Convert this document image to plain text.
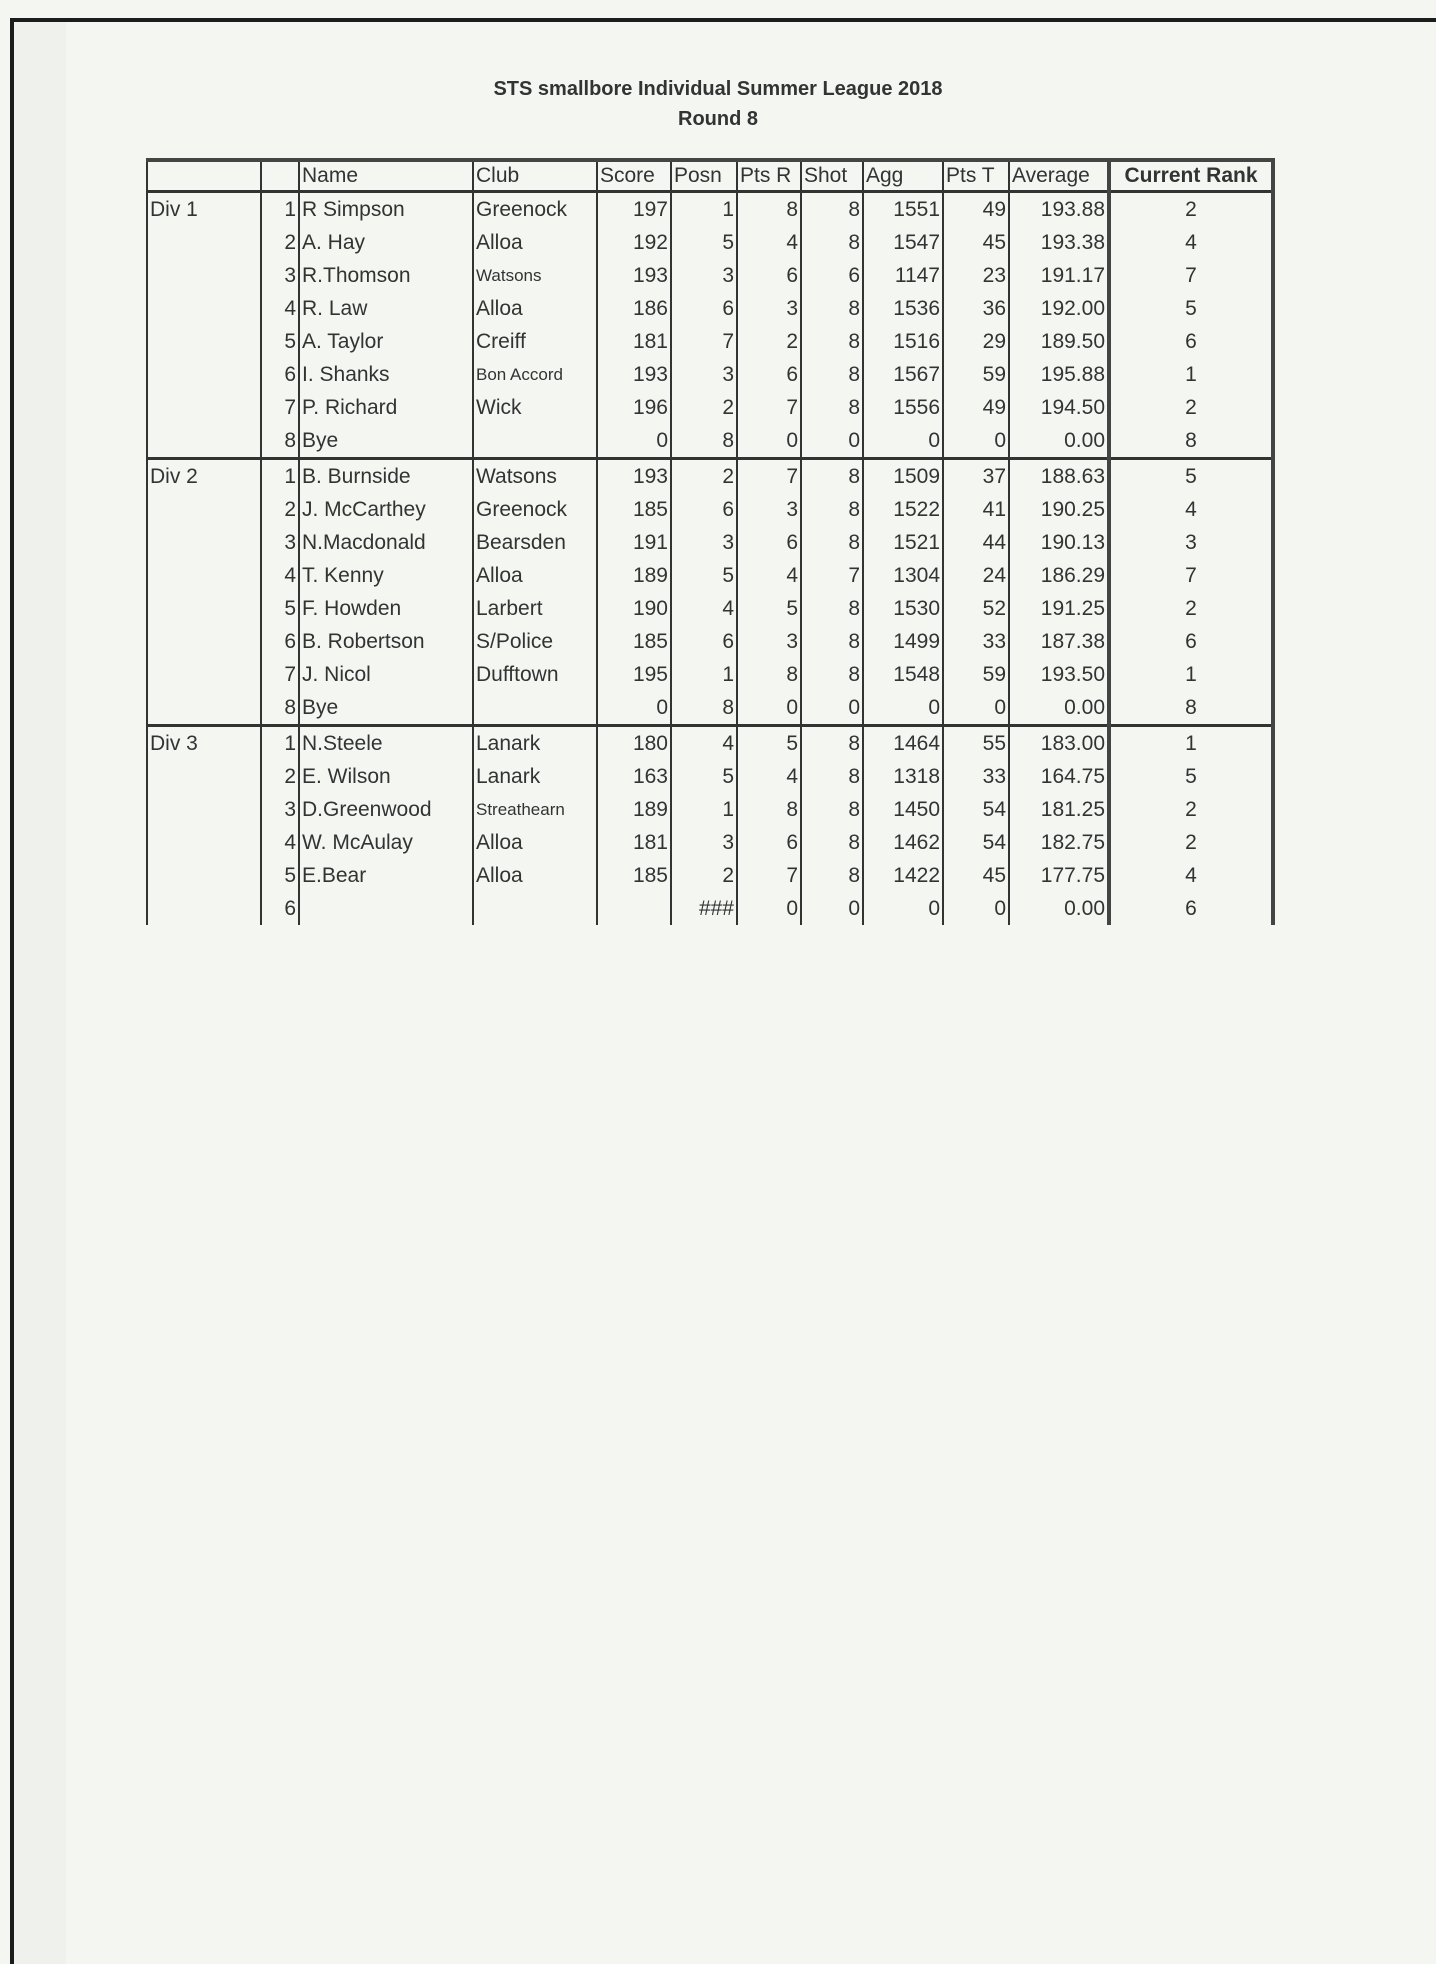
STS smallbore Individual Summer League 2018
Round 8
		Name	Club	Score	Posn	Pts R	Shot	Agg	Pts T	Average	Current Rank
Div 1	1	R Simpson	Greenock	197	1	8	8	1551	49	193.88	2
	2	A. Hay	Alloa	192	5	4	8	1547	45	193.38	4
	3	R.Thomson	Watsons	193	3	6	6	1147	23	191.17	7
	4	R. Law	Alloa	186	6	3	8	1536	36	192.00	5
	5	A. Taylor	Creiff	181	7	2	8	1516	29	189.50	6
	6	I. Shanks	Bon Accord	193	3	6	8	1567	59	195.88	1
	7	P. Richard	Wick	196	2	7	8	1556	49	194.50	2
	8	Bye		0	8	0	0	0	0	0.00	8
Div 2	1	B. Burnside	Watsons	193	2	7	8	1509	37	188.63	5
	2	J. McCarthey	Greenock	185	6	3	8	1522	41	190.25	4
	3	N.Macdonald	Bearsden	191	3	6	8	1521	44	190.13	3
	4	T. Kenny	Alloa	189	5	4	7	1304	24	186.29	7
	5	F. Howden	Larbert	190	4	5	8	1530	52	191.25	2
	6	B. Robertson	S/Police	185	6	3	8	1499	33	187.38	6
	7	J. Nicol	Dufftown	195	1	8	8	1548	59	193.50	1
	8	Bye		0	8	0	0	0	0	0.00	8
Div 3	1	N.Steele	Lanark	180	4	5	8	1464	55	183.00	1
	2	E. Wilson	Lanark	163	5	4	8	1318	33	164.75	5
	3	D.Greenwood	Streathearn	189	1	8	8	1450	54	181.25	2
	4	W. McAulay	Alloa	181	3	6	8	1462	54	182.75	2
	5	E.Bear	Alloa	185	2	7	8	1422	45	177.75	4
	6				###	0	0	0	0	0.00	6
